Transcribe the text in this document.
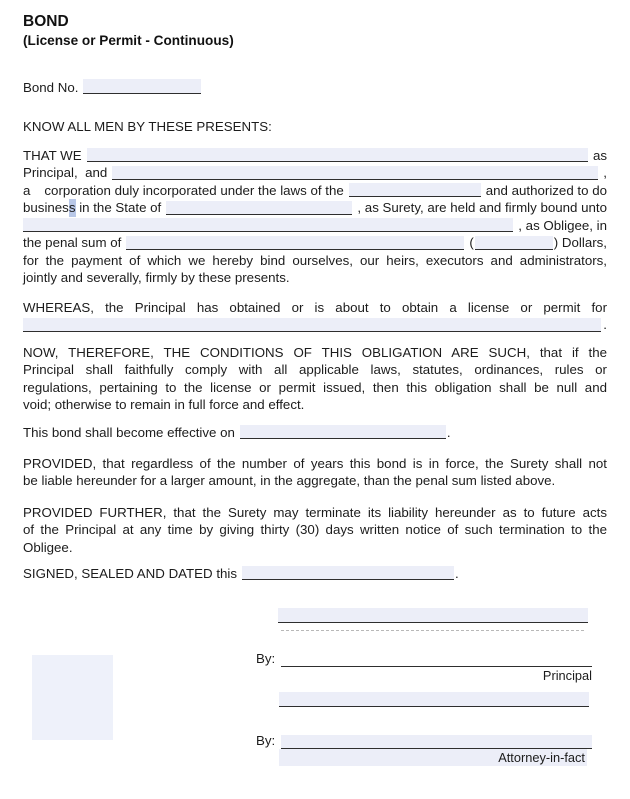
BOND
(License or Permit - Continuous)
Bond No.
KNOW ALL MEN BY THESE PRESENTS:
THAT WE	as
Principal,  and	,
a corporation duly incorporated under the laws of the	and authorized to do
busines s in the State of	, as Surety, are held and firmly bound unto
, as Obligee, in
the penal sum of	(	) Dollars,
for the payment of which we hereby bind ourselves, our heirs, executors and administrators,
jointly and severally, firmly by these presents.
WHEREAS, the Principal has obtained or is about to obtain a license or permit for
.
NOW, THEREFORE, THE CONDITIONS OF THIS OBLIGATION ARE SUCH, that if the
Principal shall faithfully comply with all applicable laws, statutes, ordinances, rules or
regulations, pertaining to the license or permit issued, then this obligation shall be null and
void; otherwise to remain in full force and effect.
This bond shall become effective on	.
PROVIDED, that regardless of the number of years this bond is in force, the Surety shall not
be liable hereunder for a larger amount, in the aggregate, than the penal sum listed above.
PROVIDED FURTHER, that the Surety may terminate its liability hereunder as to future acts
of the Principal at any time by giving thirty (30) days written notice of such termination to the
Obligee.
SIGNED, SEALED AND DATED this	.
By:
Principal
By:
Attorney-in-fact
